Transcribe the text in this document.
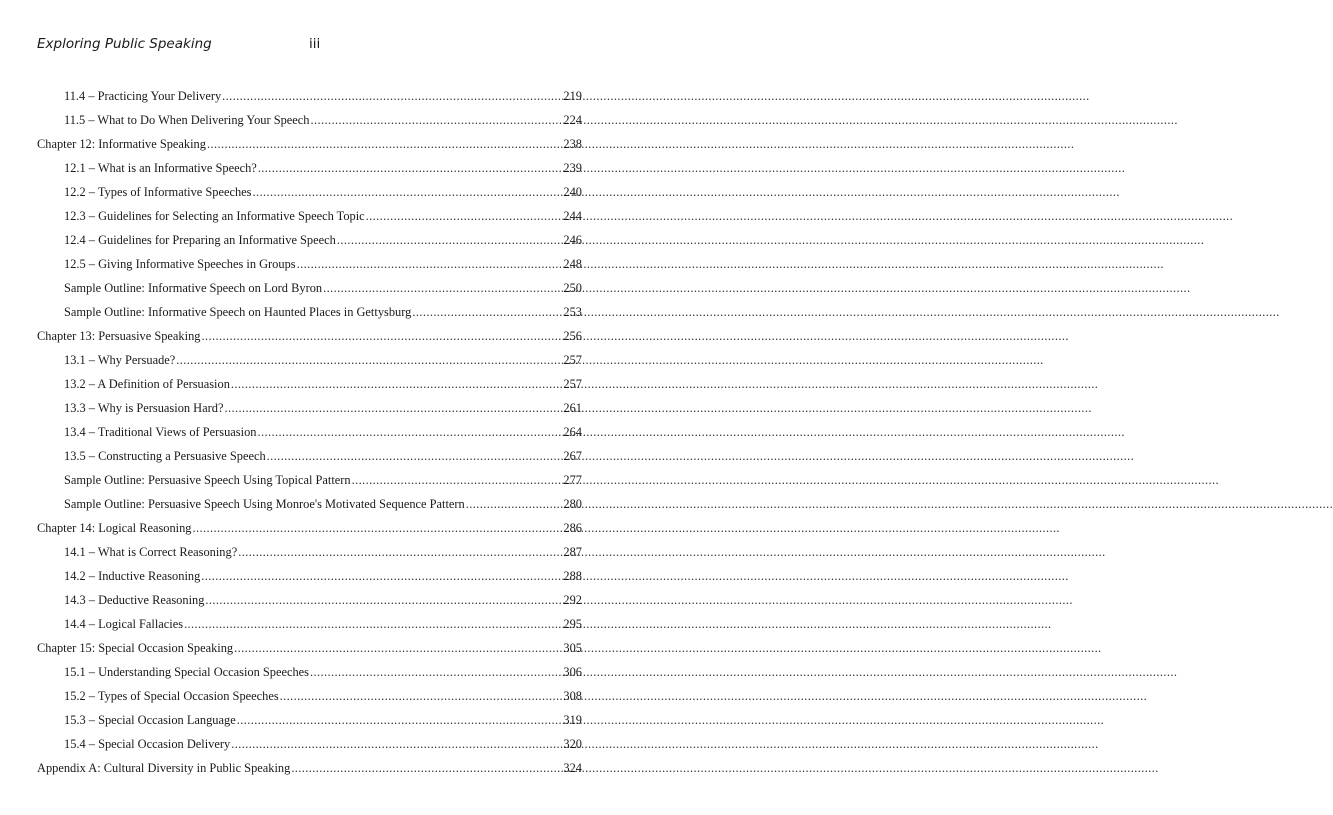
Exploring Public Speaking	iii
11.4 – Practicing Your Delivery .....	219
11.5 – What to Do When Delivering Your Speech .....	224
Chapter 12: Informative Speaking .....	238
12.1 – What is an Informative Speech? .....	239
12.2 – Types of Informative Speeches .....	240
12.3 – Guidelines for Selecting an Informative Speech Topic .....	244
12.4 – Guidelines for Preparing an Informative Speech .....	246
12.5 – Giving Informative Speeches in Groups .....	248
Sample Outline: Informative Speech on Lord Byron .....	250
Sample Outline: Informative Speech on Haunted Places in Gettysburg .....	253
Chapter 13: Persuasive Speaking .....	256
13.1 – Why Persuade? .....	257
13.2 – A Definition of Persuasion .....	257
13.3 – Why is Persuasion Hard? .....	261
13.4 – Traditional Views of Persuasion .....	264
13.5 – Constructing a Persuasive Speech .....	267
Sample Outline: Persuasive Speech Using Topical Pattern .....	277
Sample Outline: Persuasive Speech Using Monroe's Motivated Sequence Pattern .....	280
Chapter 14: Logical Reasoning .....	286
14.1 – What is Correct Reasoning? .....	287
14.2 – Inductive Reasoning .....	288
14.3 – Deductive Reasoning .....	292
14.4 – Logical Fallacies .....	295
Chapter 15: Special Occasion Speaking .....	305
15.1 – Understanding Special Occasion Speeches .....	306
15.2 – Types of Special Occasion Speeches .....	308
15.3 – Special Occasion Language .....	319
15.4 – Special Occasion Delivery .....	320
Appendix A: Cultural Diversity in Public Speaking .....	324
